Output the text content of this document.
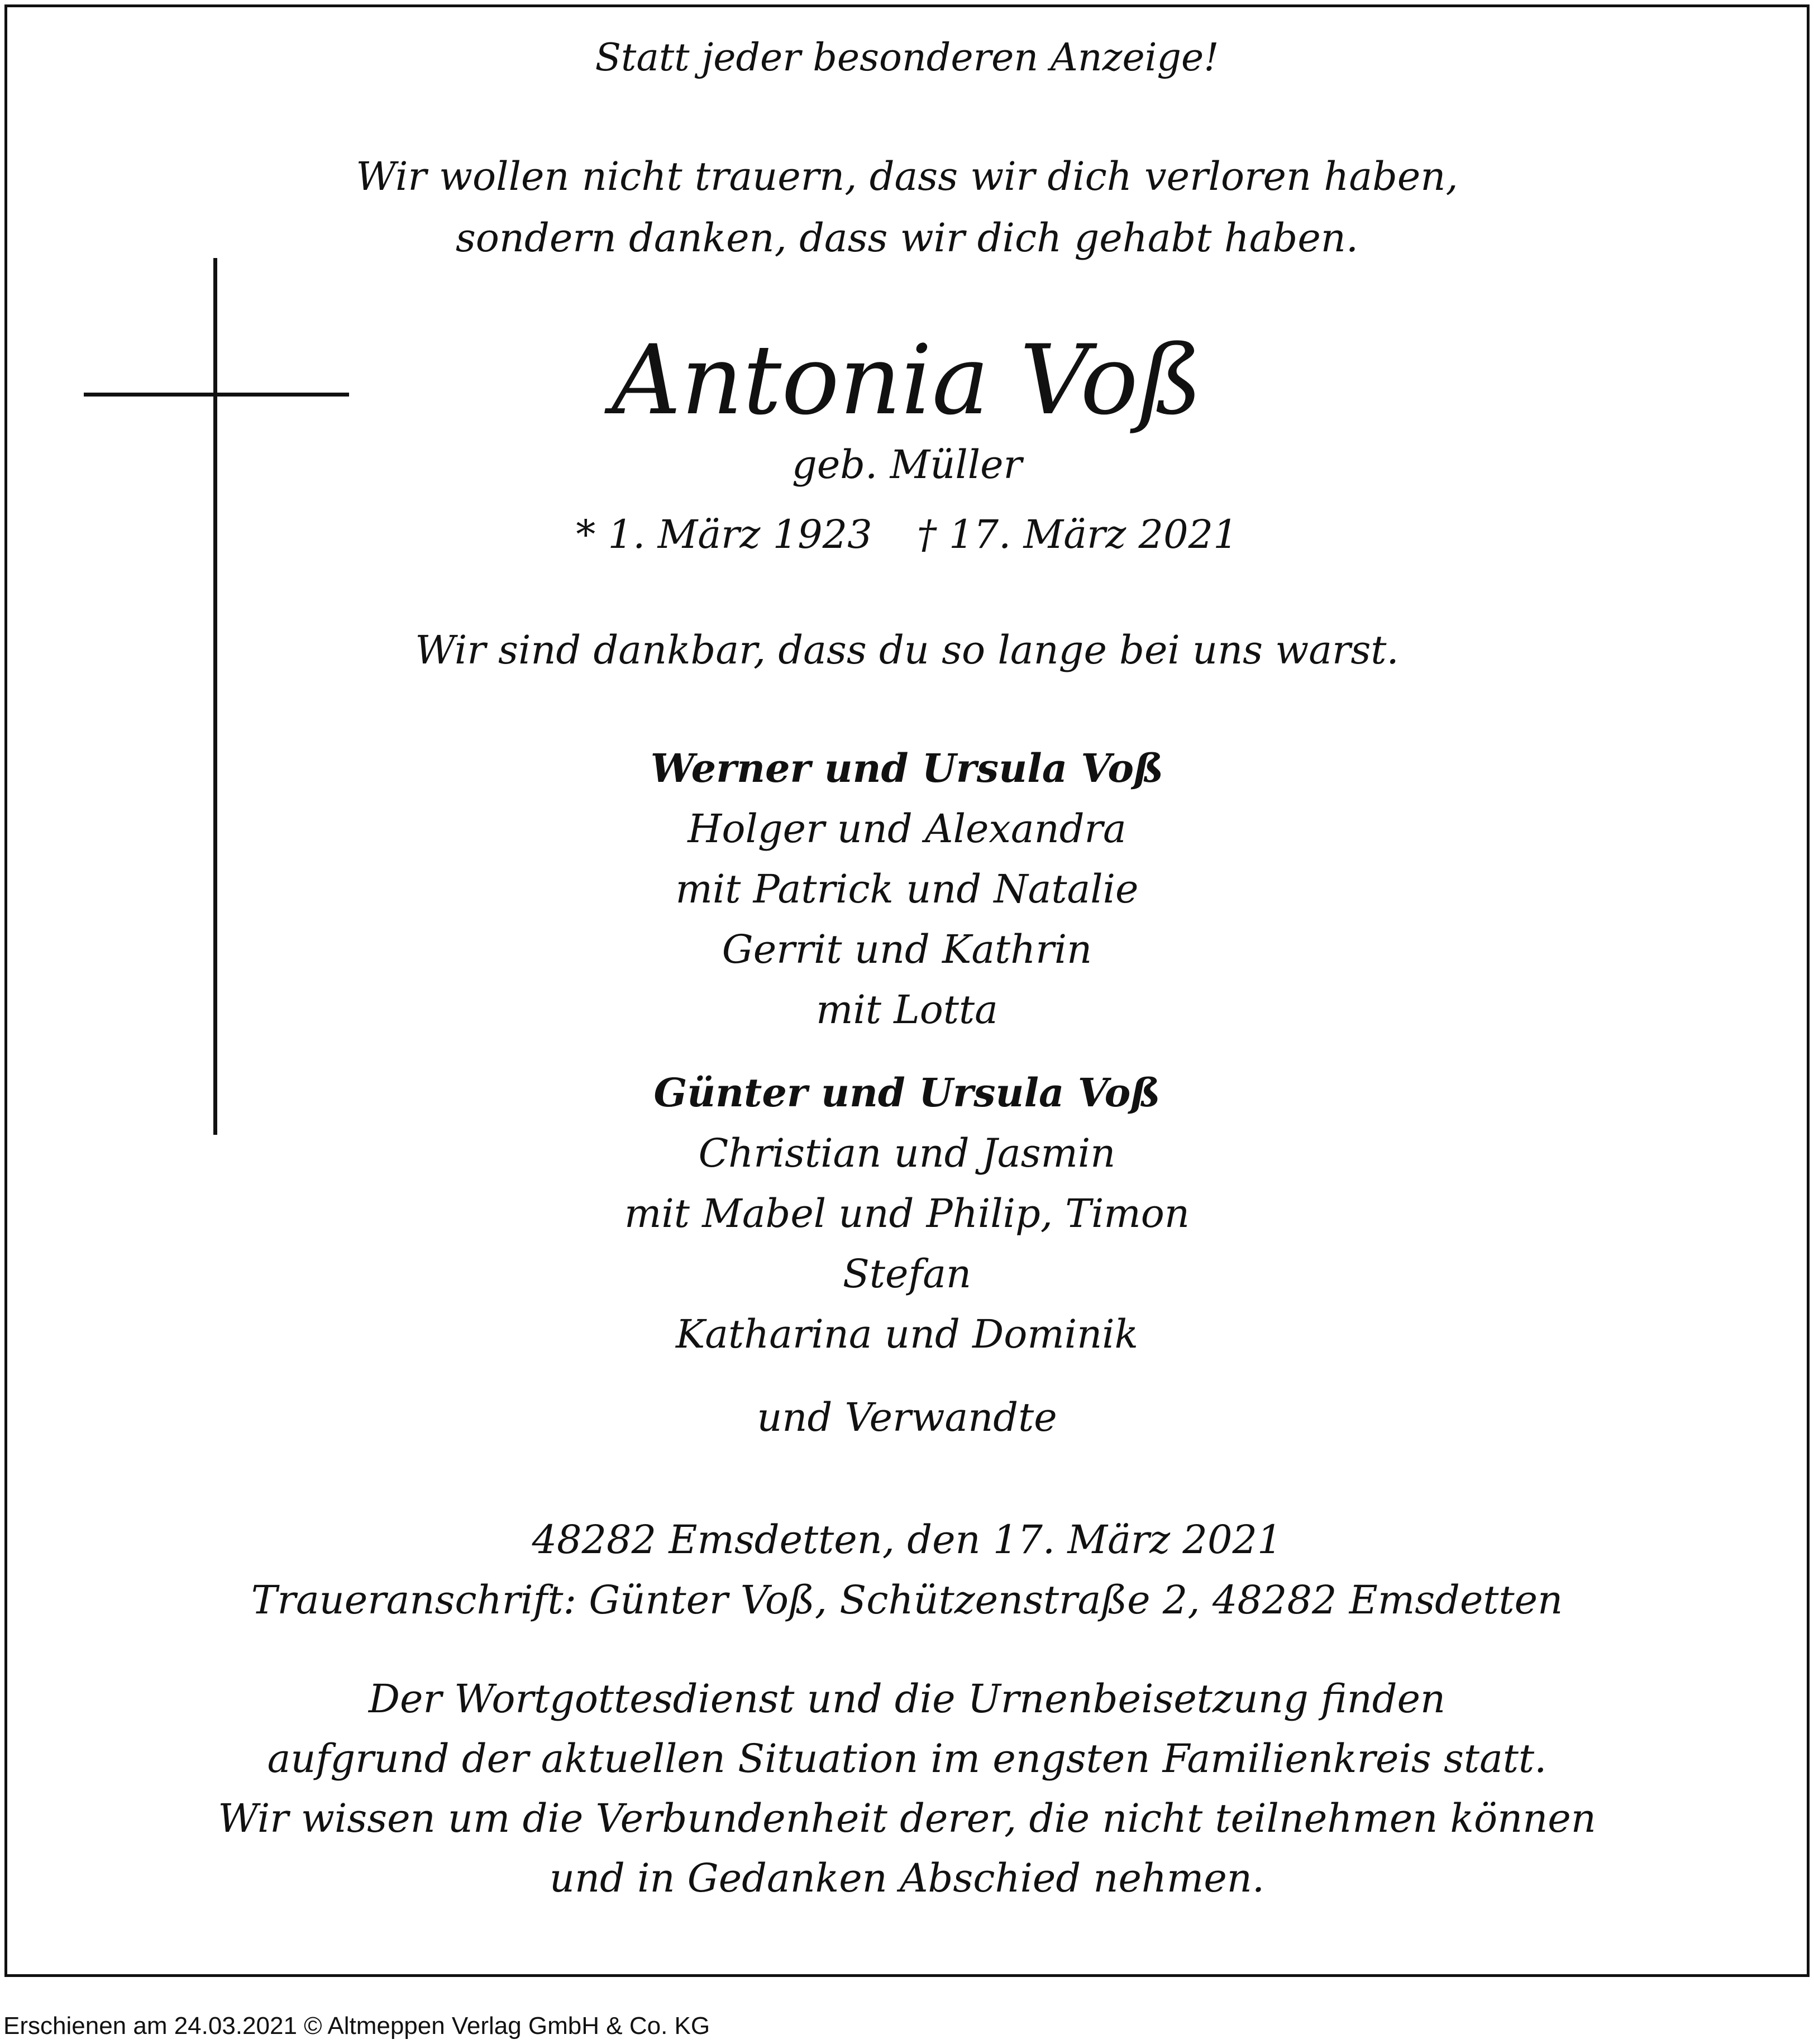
Statt jeder besonderen Anzeige!
Wir wollen nicht trauern, dass wir dich verloren haben,
sondern danken, dass wir dich gehabt haben.
Antonia Voß
geb. Müller
* 1. März 1923 † 17. März 2021
Wir sind dankbar, dass du so lange bei uns warst.
Werner und Ursula Voß
Holger und Alexandra
mit Patrick und Natalie
Gerrit und Kathrin
mit Lotta
Günter und Ursula Voß
Christian und Jasmin
mit Mabel und Philip, Timon
Stefan
Katharina und Dominik
und Verwandte
48282 Emsdetten, den 17. März 2021
Traueranschrift: Günter Voß, Schützenstraße 2, 48282 Emsdetten
Der Wortgottesdienst und die Urnenbeisetzung finden
aufgrund der aktuellen Situation im engsten Familienkreis statt.
Wir wissen um die Verbundenheit derer, die nicht teilnehmen können
und in Gedanken Abschied nehmen.
Erschienen am 24.03.2021 © Altmeppen Verlag GmbH & Co. KG
